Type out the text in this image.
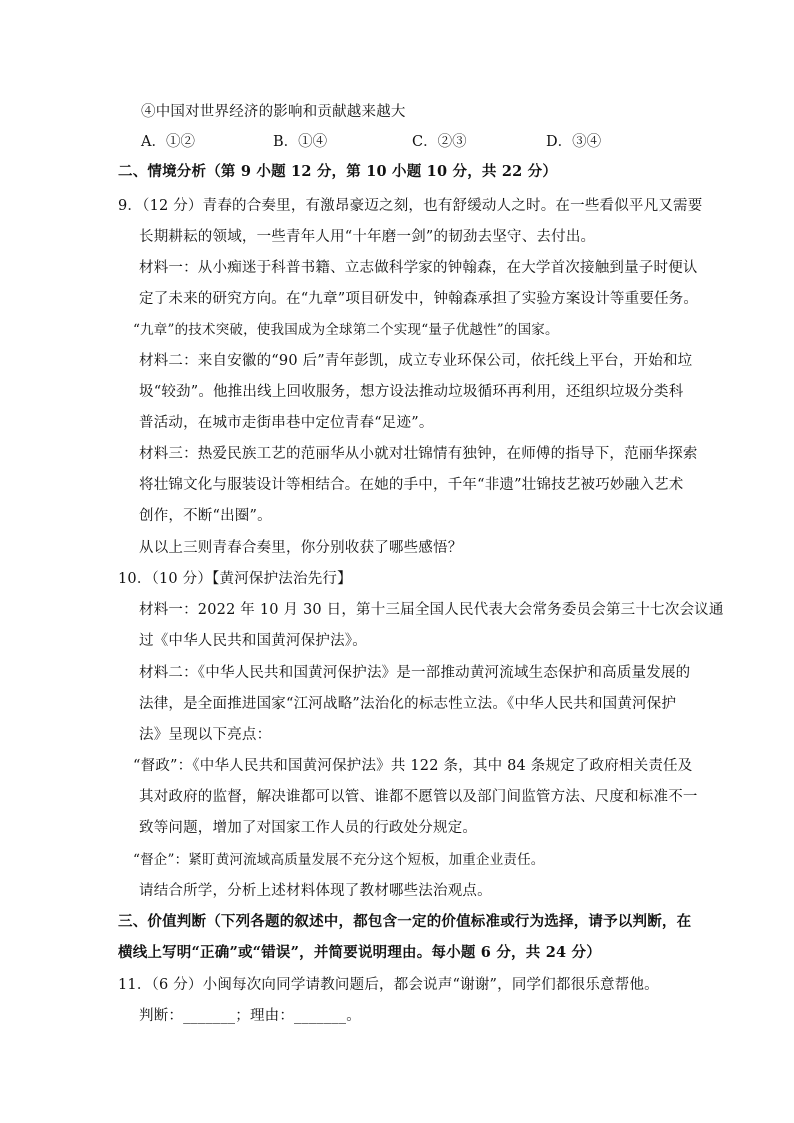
④中国对世界经济的影响和贡献越来越大
A．①②	B．①④	C．②③	D．③④
二、情境分析（第 9 小题 12 分，第 10 小题 10 分，共 22 分）
9．（12 分）青春的合奏里，有激昂豪迈之刻，也有舒缓动人之时。在一些看似平凡又需要
长期耕耘的领域，一些青年人用“十年磨一剑”的韧劲去坚守、去付出。
材料一：从小痴迷于科普书籍、立志做科学家的钟翰森，在大学首次接触到量子时便认
定了未来的研究方向。在“九章”项目研发中，钟翰森承担了实验方案设计等重要任务。
“九章”的技术突破，使我国成为全球第二个实现“量子优越性”的国家。
材料二：来自安徽的“90 后”青年彭凯，成立专业环保公司，依托线上平台，开始和垃
圾“较劲”。他推出线上回收服务，想方设法推动垃圾循环再利用，还组织垃圾分类科
普活动，在城市走街串巷中定位青春“足迹”。
材料三：热爱民族工艺的范丽华从小就对壮锦情有独钟，在师傅的指导下，范丽华探索
将壮锦文化与服装设计等相结合。在她的手中，千年“非遗”壮锦技艺被巧妙融入艺术
创作，不断“出圈”。
从以上三则青春合奏里，你分别收获了哪些感悟？
10．（10 分）【黄河保护法治先行】
材料一：2022 年 10 月 30 日，第十三届全国人民代表大会常务委员会第三十七次会议通
过《中华人民共和国黄河保护法》。
材料二：《中华人民共和国黄河保护法》是一部推动黄河流域生态保护和高质量发展的
法律，是全面推进国家“江河战略”法治化的标志性立法。《中华人民共和国黄河保护
法》呈现以下亮点：
“督政”：《中华人民共和国黄河保护法》共 122 条，其中 84 条规定了政府相关责任及
其对政府的监督，解决谁都可以管、谁都不愿管以及部门间监管方法、尺度和标准不一
致等问题，增加了对国家工作人员的行政处分规定。
“督企”：紧盯黄河流域高质量发展不充分这个短板，加重企业责任。
请结合所学，分析上述材料体现了教材哪些法治观点。
三、价值判断（下列各题的叙述中，都包含一定的价值标准或行为选择，请予以判断，在
横线上写明“正确”或“错误”，并简要说明理由。每小题 6 分，共 24 分）
11．（6 分）小闽每次向同学请教问题后，都会说声“谢谢”，同学们都很乐意帮他。
判断：_______；理由：_______。
